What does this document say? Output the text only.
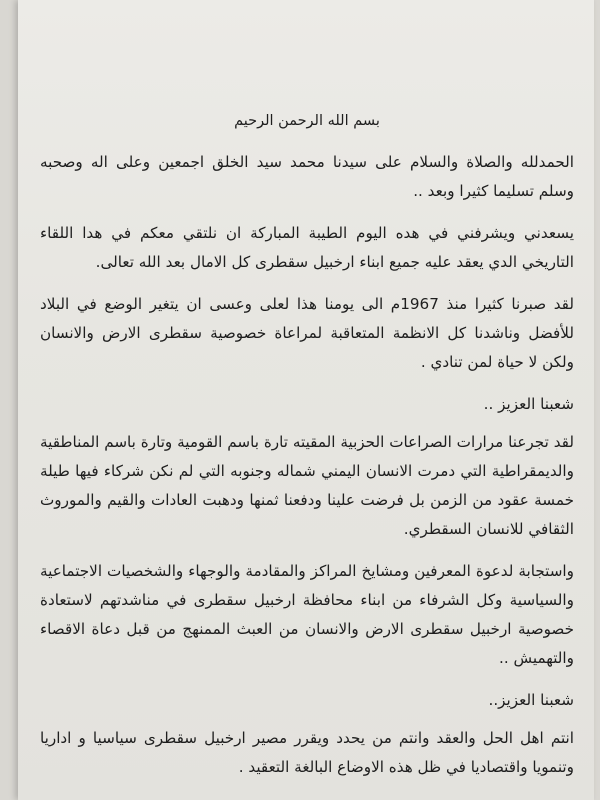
بسم الله الرحمن الرحيم

الحمدلله والصلاة والسلام على سيدنا محمد سيد الخلق اجمعين وعلى اله وصحبه وسلم تسليما كثيرا وبعد ..

يسعدني ويشرفني في هده اليوم الطيبة المباركة ان نلتقي معكم في هدا اللقاء التاريخي الدي يعقد عليه جميع ابناء ارخبيل سقطرى كل الامال بعد الله تعالى.

لقد صبرنا كثيرا منذ 1967م الى يومنا هذا لعلى وعسى ان يتغير الوضع في البلاد للأفضل وناشدنا كل الانظمة المتعاقبة لمراعاة خصوصية سقطرى الارض والانسان ولكن لا حياة لمن تنادي .

شعبنا العزيز ..

لقد تجرعنا مرارات الصراعات الحزبية المقيته تارة باسم القومية وتارة باسم المناطقية والديمقراطية التي دمرت الانسان اليمني شماله وجنوبه التي لم نكن شركاء فيها طيلة خمسة عقود من الزمن بل فرضت علينا ودفعنا ثمنها ودهبت العادات والقيم والموروث الثقافي للانسان السقطري.

واستجابة لدعوة المعرفين ومشايخ المراكز والمقادمة والوجهاء والشخصيات الاجتماعية والسياسية وكل الشرفاء من ابناء محافظة ارخبيل سقطرى في مناشدتهم لاستعادة خصوصية ارخبيل سقطرى الارض والانسان من العبث الممنهج من قبل دعاة الاقصاء والتهميش ..

شعبنا العزيز..

انتم اهل الحل والعقد وانتم من يحدد ويقرر مصير ارخبيل سقطرى سياسيا و اداريا وتنمويا واقتصاديا في ظل هذه الاوضاع البالغة التعقيد .
